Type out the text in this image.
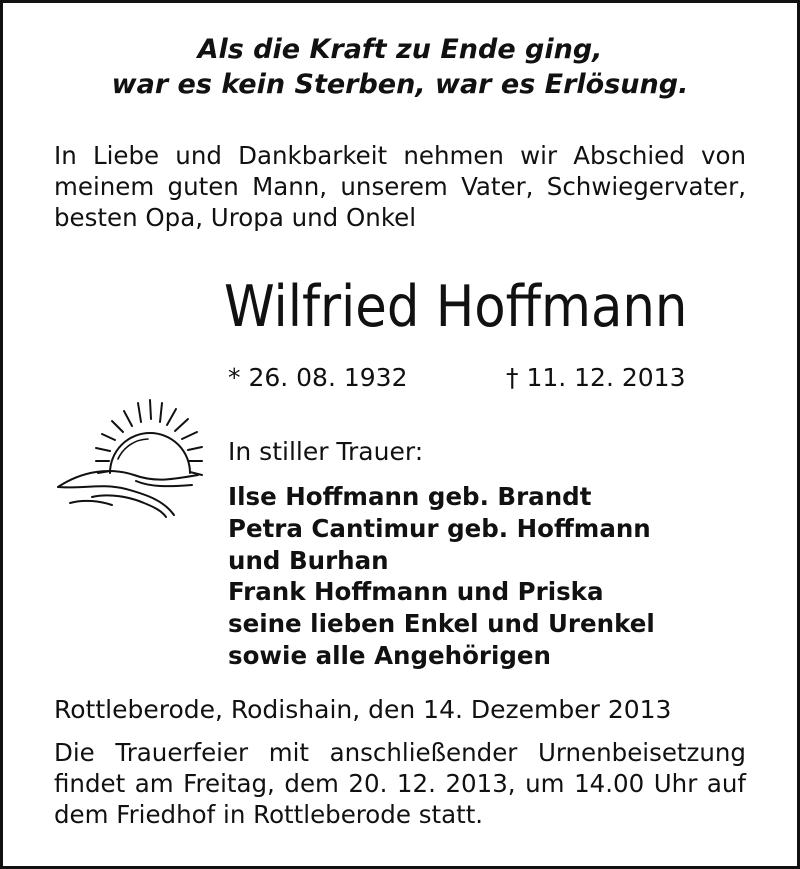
Als die Kraft zu Ende ging,
war es kein Sterben, war es Erlösung.
In Liebe und Dankbarkeit nehmen wir Abschied von
meinem guten Mann, unserem Vater, Schwiegervater,
besten Opa, Uropa und Onkel
Wilfried Hoffmann
* 26. 08. 1932	† 11. 12. 2013
In stiller Trauer:
Ilse Hoffmann geb. Brandt
Petra Cantimur geb. Hoffmann
und Burhan
Frank Hoffmann und Priska
seine lieben Enkel und Urenkel
sowie alle Angehörigen
Rottleberode, Rodishain, den 14. Dezember 2013
Die Trauerfeier mit anschließender Urnenbeisetzung
findet am Freitag, dem 20. 12. 2013, um 14.00 Uhr auf
dem Friedhof in Rottleberode statt.
